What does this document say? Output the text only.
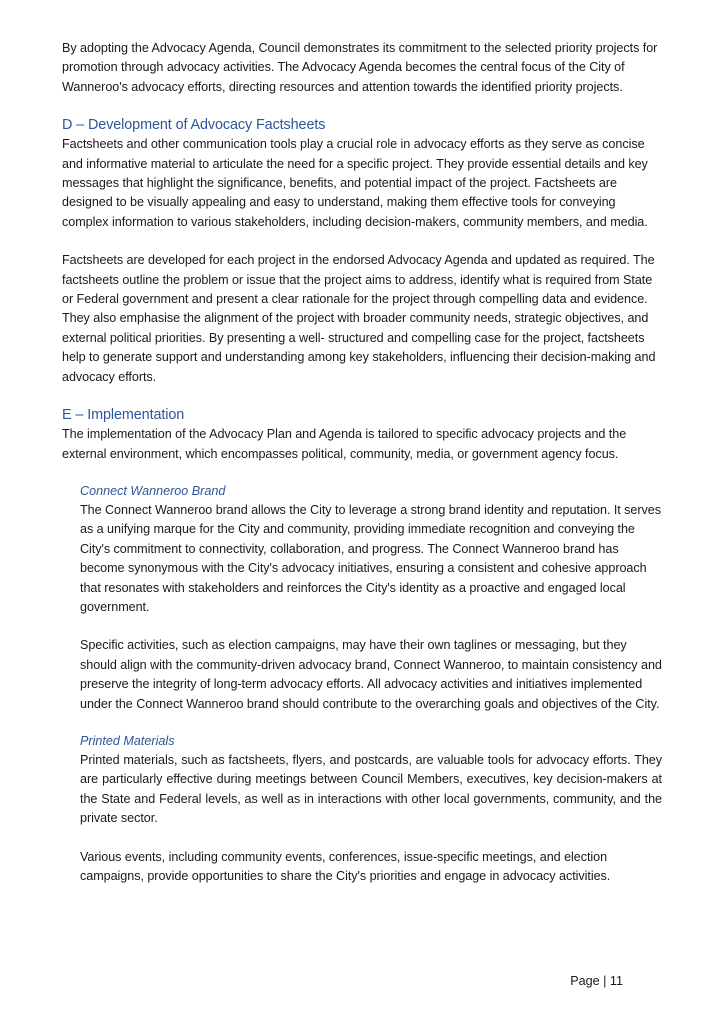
By adopting the Advocacy Agenda, Council demonstrates its commitment to the selected priority projects for promotion through advocacy activities. The Advocacy Agenda becomes the central focus of the City of Wanneroo's advocacy efforts, directing resources and attention towards the identified priority projects.

D – Development of Advocacy Factsheets

Factsheets and other communication tools play a crucial role in advocacy efforts as they serve as concise and informative material to articulate the need for a specific project. They provide essential details and key messages that highlight the significance, benefits, and potential impact of the project. Factsheets are designed to be visually appealing and easy to understand, making them effective tools for conveying complex information to various stakeholders, including decision-makers, community members, and media.

Factsheets are developed for each project in the endorsed Advocacy Agenda and updated as required. The factsheets outline the problem or issue that the project aims to address, identify what is required from State or Federal government and present a clear rationale for the project through compelling data and evidence. They also emphasise the alignment of the project with broader community needs, strategic objectives, and external political priorities. By presenting a well- structured and compelling case for the project, factsheets help to generate support and understanding among key stakeholders, influencing their decision-making and advocacy efforts.

E – Implementation

The implementation of the Advocacy Plan and Agenda is tailored to specific advocacy projects and the external environment, which encompasses political, community, media, or government agency focus.

Connect Wanneroo Brand

The Connect Wanneroo brand allows the City to leverage a strong brand identity and reputation. It serves as a unifying marque for the City and community, providing immediate recognition and conveying the City's commitment to connectivity, collaboration, and progress. The Connect Wanneroo brand has become synonymous with the City's advocacy initiatives, ensuring a consistent and cohesive approach that resonates with stakeholders and reinforces the City's identity as a proactive and engaged local government.

Specific activities, such as election campaigns, may have their own taglines or messaging, but they should align with the community-driven advocacy brand, Connect Wanneroo, to maintain consistency and preserve the integrity of long-term advocacy efforts. All advocacy activities and initiatives implemented under the Connect Wanneroo brand should contribute to the overarching goals and objectives of the City.

Printed Materials

Printed materials, such as factsheets, flyers, and postcards, are valuable tools for advocacy efforts. They are particularly effective during meetings between Council Members, executives, key decision-makers at the State and Federal levels, as well as in interactions with other local governments, community, and the private sector.

Various events, including community events, conferences, issue-specific meetings, and election campaigns, provide opportunities to share the City's priorities and engage in advocacy activities.

Page | 11
